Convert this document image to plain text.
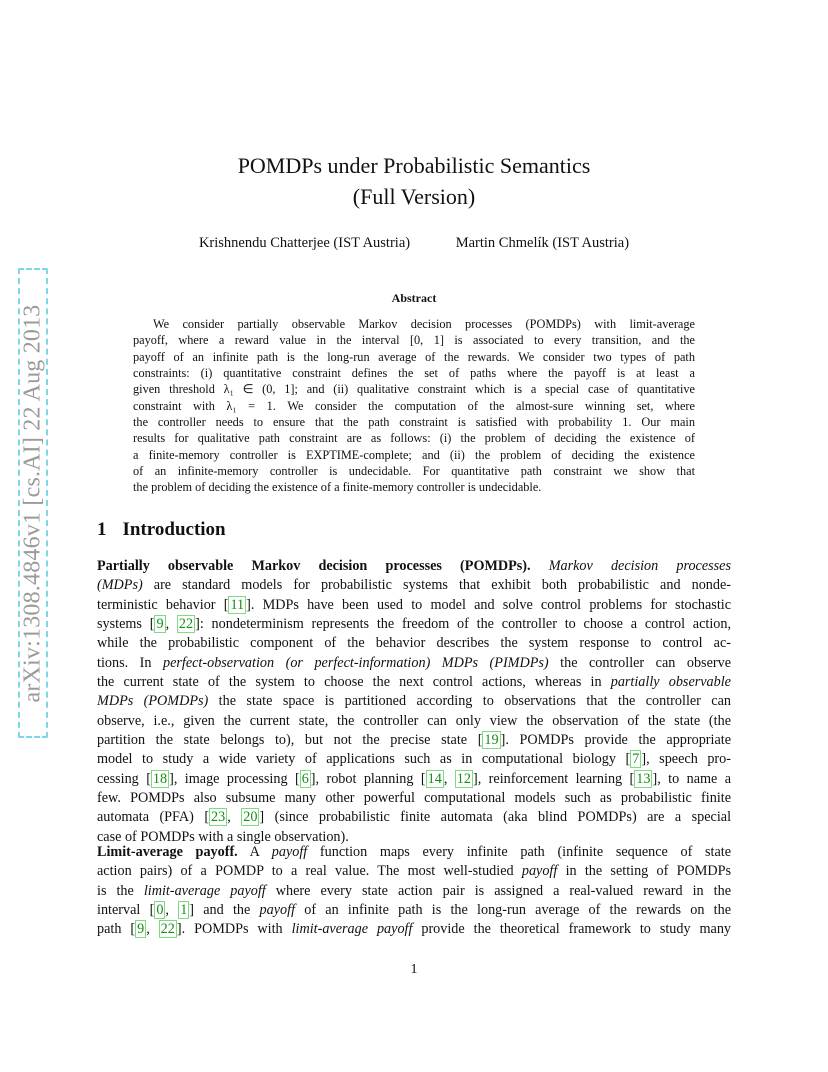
arXiv:1308.4846v1 [cs.AI] 22 Aug 2013
POMDPs under Probabilistic Semantics
(Full Version)
Krishnendu Chatterjee (IST Austria)	Martin Chmelík (IST Austria)
Abstract
We consider partially observable Markov decision processes (POMDPs) with limit-average
payoff, where a reward value in the interval [0, 1] is associated to every transition, and the
payoff of an infinite path is the long-run average of the rewards. We consider two types of path
constraints: (i) quantitative constraint defines the set of paths where the payoff is at least a
given threshold λ₁ ∈ (0, 1]; and (ii) qualitative constraint which is a special case of quantitative
constraint with λ₁ = 1. We consider the computation of the almost-sure winning set, where
the controller needs to ensure that the path constraint is satisfied with probability 1. Our main
results for qualitative path constraint are as follows: (i) the problem of deciding the existence of
a finite-memory controller is EXPTIME-complete; and (ii) the problem of deciding the existence
of an infinite-memory controller is undecidable. For quantitative path constraint we show that
the problem of deciding the existence of a finite-memory controller is undecidable.
1 Introduction
Partially observable Markov decision processes (POMDPs). Markov decision processes
(MDPs) are standard models for probabilistic systems that exhibit both probabilistic and nonde-
terministic behavior [ 11 ]. MDPs have been used to model and solve control problems for stochastic
systems [ 9 , 22 ]: nondeterminism represents the freedom of the controller to choose a control action,
while the probabilistic component of the behavior describes the system response to control ac-
tions. In perfect-observation (or perfect-information) MDPs (PIMDPs) the controller can observe
the current state of the system to choose the next control actions, whereas in partially observable
MDPs (POMDPs) the state space is partitioned according to observations that the controller can
observe, i.e., given the current state, the controller can only view the observation of the state (the
partition the state belongs to), but not the precise state [ 19 ]. POMDPs provide the appropriate
model to study a wide variety of applications such as in computational biology [ 7 ], speech pro-
cessing [ 18 ], image processing [ 6 ], robot planning [ 14 , 12 ], reinforcement learning [ 13 ], to name a
few. POMDPs also subsume many other powerful computational models such as probabilistic finite
automata (PFA) [ 23 , 20 ] (since probabilistic finite automata (aka blind POMDPs) are a special
case of POMDPs with a single observation).
Limit-average payoff. A payoff function maps every infinite path (infinite sequence of state
action pairs) of a POMDP to a real value. The most well-studied payoff in the setting of POMDPs
is the limit-average payoff where every state action pair is assigned a real-valued reward in the
interval [ 0 , 1 ] and the payoff of an infinite path is the long-run average of the rewards on the
path [ 9 , 22 ]. POMDPs with limit-average payoff provide the theoretical framework to study many
1
